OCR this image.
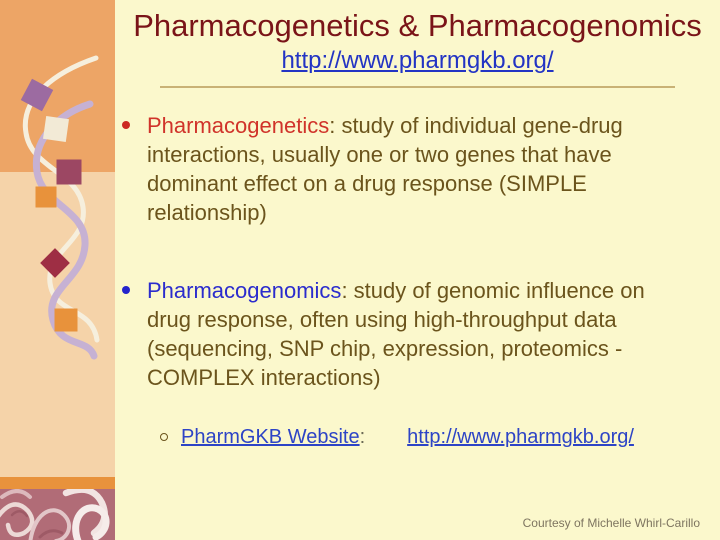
Pharmacogenetics & Pharmacogenomics
http://www.pharmgkb.org/

Pharmacogenetics: study of individual gene-drug
interactions, usually one or two genes that have
dominant effect on a drug response (SIMPLE
relationship)

Pharmacogenomics: study of genomic influence on
drug response, often using high-throughput data
(sequencing, SNP chip, expression, proteomics -
COMPLEX interactions)

PharmGKB Website: http://www.pharmgkb.org/
Courtesy of Michelle Whirl-Carillo
